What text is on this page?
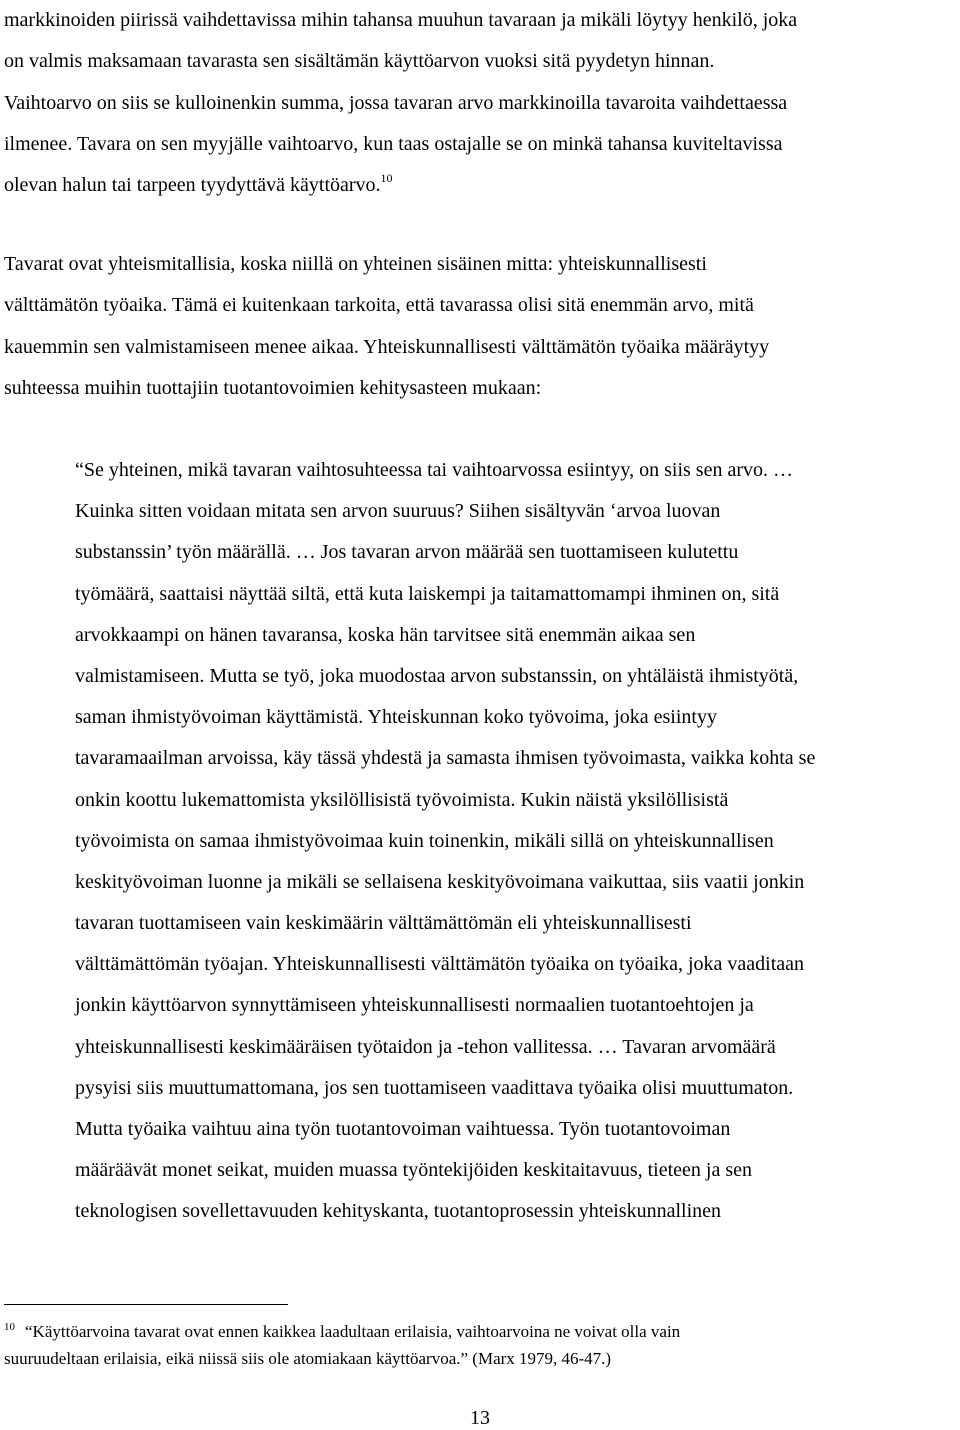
markkinoiden piirissä vaihdettavissa mihin tahansa muuhun tavaraan ja mikäli löytyy henkilö, joka
on valmis maksamaan tavarasta sen sisältämän käyttöarvon vuoksi sitä pyydetyn hinnan.
Vaihtoarvo on siis se kulloinenkin summa, jossa tavaran arvo markkinoilla tavaroita vaihdettaessa
ilmenee. Tavara on sen myyjälle vaihtoarvo, kun taas ostajalle se on minkä tahansa kuviteltavissa
olevan halun tai tarpeen tyydyttävä käyttöarvo.$^{10}$

Tavarat ovat yhteismitallisia, koska niillä on yhteinen sisäinen mitta: yhteiskunnallisesti
välttämätön työaika. Tämä ei kuitenkaan tarkoita, että tavarassa olisi sitä enemmän arvo, mitä
kauemmin sen valmistamiseen menee aikaa. Yhteiskunnallisesti välttämätön työaika määräytyy
suhteessa muihin tuottajiin tuotantovoimien kehitysasteen mukaan:

“Se yhteinen, mikä tavaran vaihtosuhteessa tai vaihtoarvossa esiintyy, on siis sen arvo. …
Kuinka sitten voidaan mitata sen arvon suuruus? Siihen sisältyvän ‘arvoa luovan
substanssin’ työn määrällä. … Jos tavaran arvon määrää sen tuottamiseen kulutettu
työmäärä, saattaisi näyttää siltä, että kuta laiskempi ja taitamattomampi ihminen on, sitä
arvokkaampi on hänen tavaransa, koska hän tarvitsee sitä enemmän aikaa sen
valmistamiseen. Mutta se työ, joka muodostaa arvon substanssin, on yhtäläistä ihmistyötä,
saman ihmistyövoiman käyttämistä. Yhteiskunnan koko työvoima, joka esiintyy
tavaramaailman arvoissa, käy tässä yhdestä ja samasta ihmisen työvoimasta, vaikka kohta se
onkin koottu lukemattomista yksilöllisistä työvoimista. Kukin näistä yksilöllisistä
työvoimista on samaa ihmistyövoimaa kuin toinenkin, mikäli sillä on yhteiskunnallisen
keskityövoiman luonne ja mikäli se sellaisena keskityövoimana vaikuttaa, siis vaatii jonkin
tavaran tuottamiseen vain keskimäärin välttämättömän eli yhteiskunnallisesti
välttämättömän työajan. Yhteiskunnallisesti välttämätön työaika on työaika, joka vaaditaan
jonkin käyttöarvon synnyttämiseen yhteiskunnallisesti normaalien tuotantoehtojen ja
yhteiskunnallisesti keskimääräisen työtaidon ja -tehon vallitessa. … Tavaran arvomäärä
pysyisi siis muuttumattomana, jos sen tuottamiseen vaadittava työaika olisi muuttumaton.
Mutta työaika vaihtuu aina työn tuotantovoiman vaihtuessa. Työn tuotantovoiman
määräävät monet seikat, muiden muassa työntekijöiden keskitaitavuus, tieteen ja sen
teknologisen sovellettavuuden kehityskanta, tuotantoprosessin yhteiskunnallinen
$^{10}$ “Käyttöarvoina tavarat ovat ennen kaikkea laadultaan erilaisia, vaihtoarvoina ne voivat olla vain
suuruudeltaan erilaisia, eikä niissä siis ole atomiakaan käyttöarvoa.” (Marx 1979, 46-47.)
13
